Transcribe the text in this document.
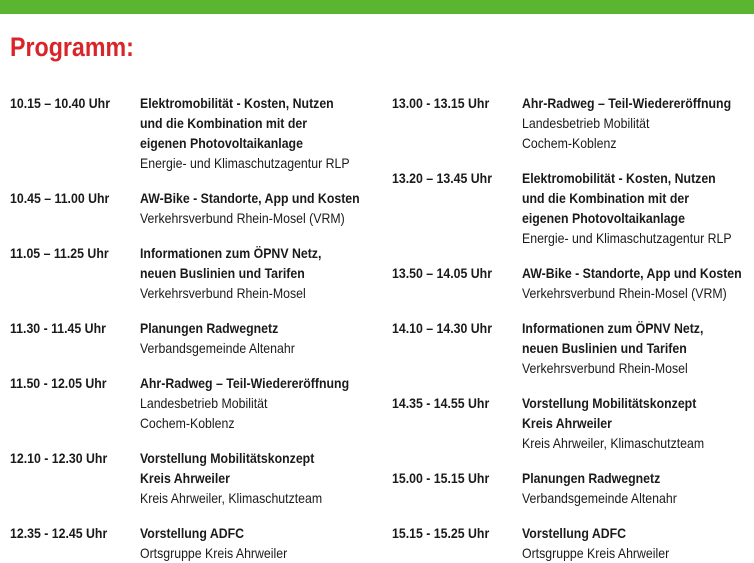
Programm:
10.15 – 10.40 Uhr Elektromobilität - Kosten, Nutzen
und die Kombination mit der
eigenen Photovoltaikanlage
Energie- und Klimaschutzagentur RLP
10.45 – 11.00 Uhr AW-Bike - Standorte, App und Kosten
Verkehrsverbund Rhein-Mosel (VRM)
11.05 – 11.25 Uhr Informationen zum ÖPNV Netz,
neuen Buslinien und Tarifen
Verkehrsverbund Rhein-Mosel
11.30 - 11.45 Uhr Planungen Radwegnetz
Verbandsgemeinde Altenahr
11.50 - 12.05 Uhr Ahr-Radweg – Teil-Wiedereröffnung
Landesbetrieb Mobilität
Cochem-Koblenz
12.10 - 12.30 Uhr Vorstellung Mobilitätskonzept
Kreis Ahrweiler
Kreis Ahrweiler, Klimaschutzteam
12.35 - 12.45 Uhr Vorstellung ADFC
Ortsgruppe Kreis Ahrweiler
13.00 - 13.15 Uhr Ahr-Radweg – Teil-Wiedereröffnung
Landesbetrieb Mobilität
Cochem-Koblenz
13.20 – 13.45 Uhr Elektromobilität - Kosten, Nutzen
und die Kombination mit der
eigenen Photovoltaikanlage
Energie- und Klimaschutzagentur RLP
13.50 – 14.05 Uhr AW-Bike - Standorte, App und Kosten
Verkehrsverbund Rhein-Mosel (VRM)
14.10 – 14.30 Uhr Informationen zum ÖPNV Netz,
neuen Buslinien und Tarifen
Verkehrsverbund Rhein-Mosel
14.35 - 14.55 Uhr Vorstellung Mobilitätskonzept
Kreis Ahrweiler
Kreis Ahrweiler, Klimaschutzteam
15.00 - 15.15 Uhr Planungen Radwegnetz
Verbandsgemeinde Altenahr
15.15 - 15.25 Uhr Vorstellung ADFC
Ortsgruppe Kreis Ahrweiler
